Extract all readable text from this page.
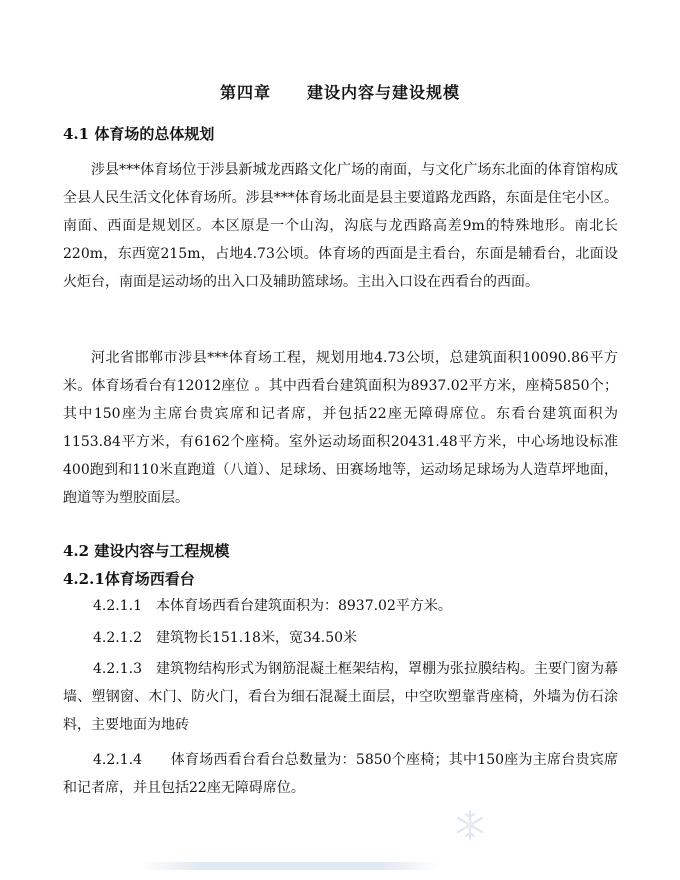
第四章 建设内容与建设规模

4.1 体育场的总体规划

涉县***体育场位于涉县新城龙西路文化广场的南面，与文化广场东北面的体育馆构成全县人民生活文化体育场所。涉县***体育场北面是县主要道路龙西路，东面是住宅小区。南面、西面是规划区。本区原是一个山沟，沟底与龙西路高差9m的特殊地形。南北长220m，东西宽215m，占地4.73公顷。体育场的西面是主看台，东面是辅看台，北面设火炬台，南面是运动场的出入口及辅助篮球场。主出入口设在西看台的西面。

河北省邯郸市涉县***体育场工程，规划用地4.73公顷，总建筑面积10090.86平方米。体育场看台有12012座位 。其中西看台建筑面积为8937.02平方米，座椅5850个；其中150座为主席台贵宾席和记者席，并包括22座无障碍席位。东看台建筑面积为1153.84平方米，有6162个座椅。室外运动场面积20431.48平方米，中心场地设标准400跑到和110米直跑道（八道）、足球场、田赛场地等，运动场足球场为人造草坪地面，跑道等为塑胶面层。

4.2 建设内容与工程规模

4.2.1体育场西看台

4.2.1.1　本体育场西看台建筑面积为：8937.02平方米。

4.2.1.2　建筑物长151.18米，宽34.50米

4.2.1.3　建筑物结构形式为钢筋混凝土框架结构，罩棚为张拉膜结构。主要门窗为幕墙、塑钢窗、木门、防火门，看台为细石混凝土面层，中空吹塑靠背座椅，外墙为仿石涂料，主要地面为地砖

4.2.1.4　　体育场西看台看台总数量为：5850个座椅；其中150座为主席台贵宾席和记者席，并且包括22座无障碍席位。
